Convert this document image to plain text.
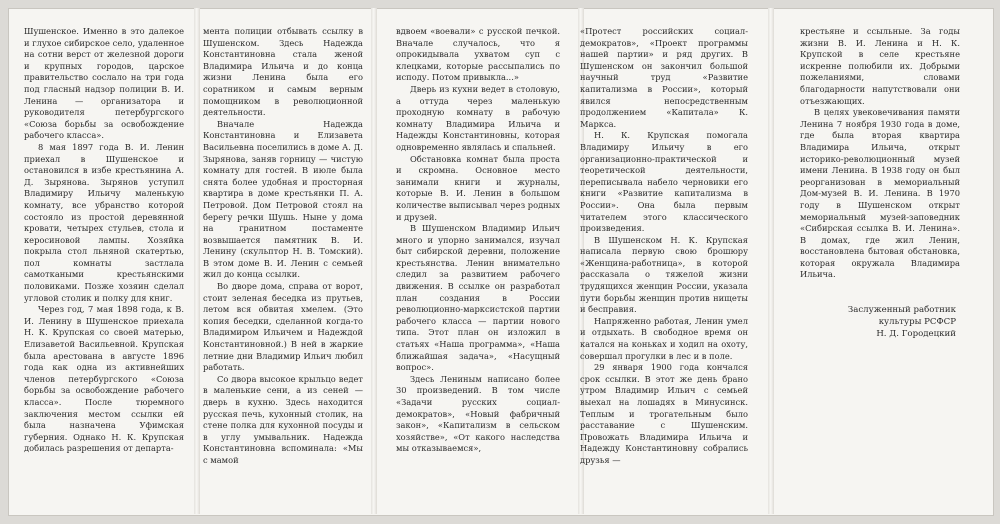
Шушенское. Именно в это далекое и глухое сибирское село, удаленное на сотни верст от железной дороги и крупных городов, царское правительство сослало на три года под гласный надзор полиции В. И. Ленина — организатора и руководителя петербургского «Союза борьбы за освобождение рабочего класса».

8 мая 1897 года В. И. Ленин приехал в Шушенское и остановился в избе крестьянина А. Д. Зырянова. Зырянов уступил Владимиру Ильичу маленькую комнату, все убранство которой состояло из простой деревянной кровати, четырех стульев, стола и керосиновой лампы. Хозяйка покрыла стол льняной скатертью, пол комнаты застлала самоткаными крестьянскими половиками. Позже хозяин сделал угловой столик и полку для книг.

Через год, 7 мая 1898 года, к В. И. Ленину в Шушенское приехала Н. К. Крупская со своей матерью, Елизаветой Васильевной. Крупская была арестована в августе 1896 года как одна из активнейших членов петербургского «Союза борьбы за освобождение рабочего класса». После тюремного заключения местом ссылки ей была назначена Уфимская губерния. Однако Н. К. Крупская добилась разрешения от департа-

мента полиции отбывать ссылку в Шушенском. Здесь Надежда Константиновна стала женой Владимира Ильича и до конца жизни Ленина была его соратником и самым верным помощником в революционной деятельности.

Вначале Надежда Константиновна и Елизавета Васильевна поселились в доме А. Д. Зырянова, заняв горницу — чистую комнату для гостей. В июле была снята более удобная и просторная квартира в доме крестьянки П. А. Петровой. Дом Петровой стоял на берегу речки Шушь. Ныне у дома на гранитном постаменте возвышается памятник В. И. Ленину (скульптор Н. В. Томский). В этом доме В. И. Ленин с семьей жил до конца ссылки.

Во дворе дома, справа от ворот, стоит зеленая беседка из прутьев, летом вся обвитая хмелем. (Это копия беседки, сделанной когда-то Владимиром Ильичем и Надеждой Константиновной.) В ней в жаркие летние дни Владимир Ильич любил работать.

Со двора высокое крыльцо ведет в маленькие сени, а из сеней — дверь в кухню. Здесь находится русская печь, кухонный столик, на стене полка для кухонной посуды и в углу умывальник. Надежда Константиновна вспоминала: «Мы с мамой

вдвоем «воевали» с русской печкой. Вначале случалось, что я опрокидывала ухватом суп с клецками, которые рассыпались по исподу. Потом привыкла...»

Дверь из кухни ведет в столовую, а оттуда через маленькую проходную комнату в рабочую комнату Владимира Ильича и Надежды Константиновны, которая одновременно являлась и спальней.

Обстановка комнат была проста и скромна. Основное место занимали книги и журналы, которые В. И. Ленин в большом количестве выписывал через родных и друзей.

В Шушенском Владимир Ильич много и упорно занимался, изучал быт сибирской деревни, положение крестьянства. Ленин внимательно следил за развитием рабочего движения. В ссылке он разработал план создания в России революционно-марксистской партии рабочего класса — партии нового типа. Этот план он изложил в статьях «Наша программа», «Наша ближайшая задача», «Насущный вопрос».

Здесь Лениным написано более 30 произведений. В том числе «Задачи русских социал-демократов», «Новый фабричный закон», «Капитализм в сельском хозяйстве», «От какого наследства мы отказываемся»,

«Протест российских социал-демократов», «Проект программы нашей партии» и ряд других. В Шушенском он закончил большой научный труд «Развитие капитализма в России», который явился непосредственным продолжением «Капитала» К. Маркса.

Н. К. Крупская помогала Владимиру Ильичу в его организационно-практической и теоретической деятельности, переписывала набело черновики его книги «Развитие капитализма в России». Она была первым читателем этого классического произведения.

В Шушенском Н. К. Крупская написала первую свою брошюру «Женщина-работница», в которой рассказала о тяжелой жизни трудящихся женщин России, указала пути борьбы женщин против нищеты и бесправия.

Напряженно работая, Ленин умел и отдыхать. В свободное время он катался на коньках и ходил на охоту, совершал прогулки в лес и в поле.

29 января 1900 года кончался срок ссылки. В этот же день брано утром Владимир Ильич с семьей выехал на лошадях в Минусинск. Теплым и трогательным было расставание с Шушенским. Провожать Владимира Ильича и Надежду Константиновну собрались друзья —

крестьяне и ссыльные. За годы жизни В. И. Ленина и Н. К. Крупской в селе крестьяне искренне полюбили их. Добрыми пожеланиями, словами благодарности напутствовали они отъезжающих.

В целях увековечивания памяти Ленина 7 ноября 1930 года в доме, где была вторая квартира Владимира Ильича, открыт историко-революционный музей имени Ленина. В 1938 году он был реорганизован в мемориальный Дом-музей В. И. Ленина. В 1970 году в Шушенском открыт мемориальный музей-заповедник «Сибирская ссылка В. И. Ленина». В домах, где жил Ленин, восстановлена бытовая обстановка, которая окружала Владимира Ильича.

Заслуженный работник
культуры РСФСР
Н. Д. Городецкий
